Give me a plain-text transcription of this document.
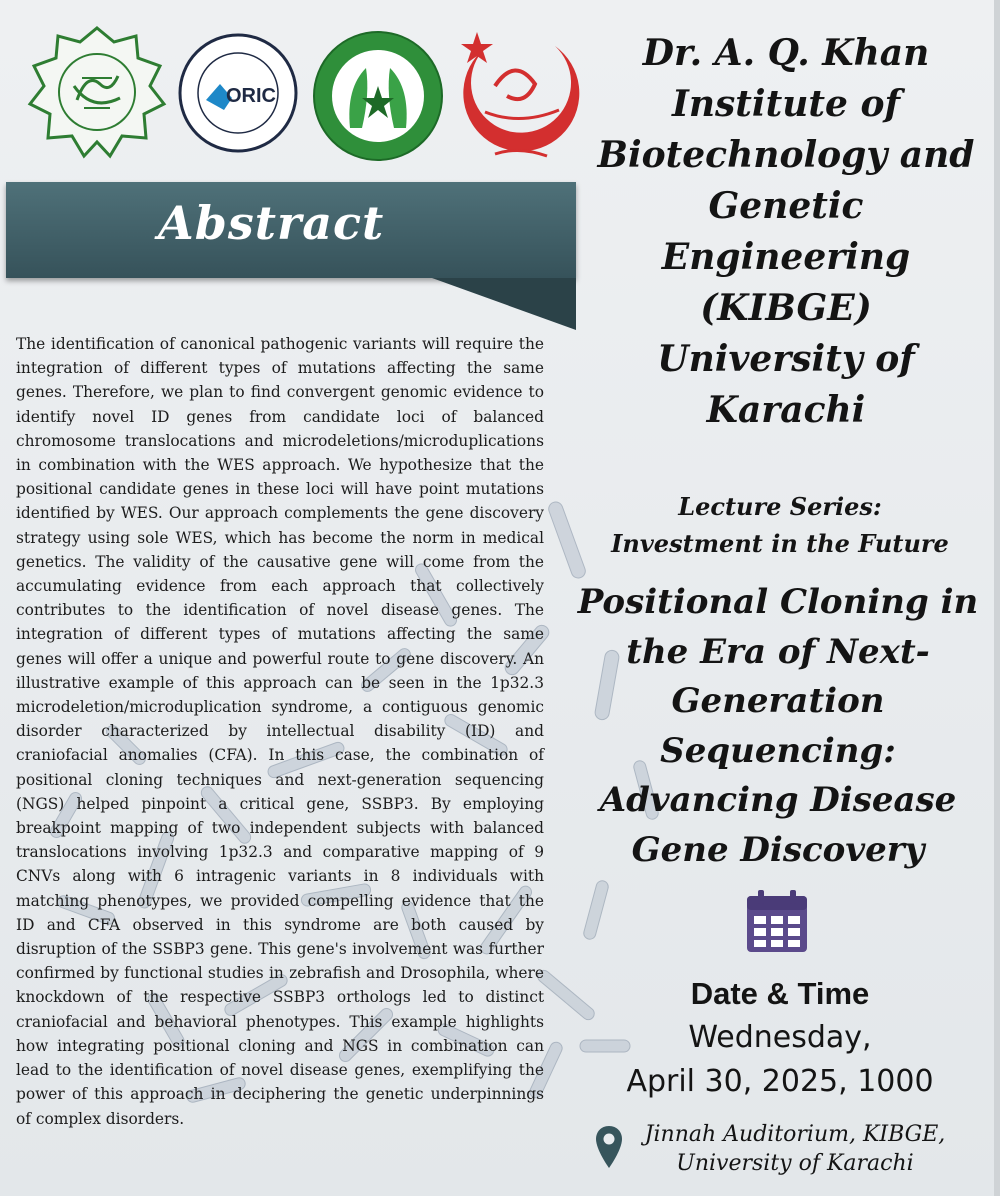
ORIC
Abstract
The identification of canonical pathogenic variants will require the integration of different types of mutations affecting the same genes. Therefore, we plan to find convergent genomic evidence to identify novel ID genes from candidate loci of balanced chromosome translocations and microdeletions/microduplications in combination with the WES approach. We hypothesize that the positional candidate genes in these loci will have point mutations identified by WES. Our approach complements the gene discovery strategy using sole WES, which has become the norm in medical genetics. The validity of the causative gene will come from the accumulating evidence from each approach that collectively contributes to the identification of novel disease genes. The integration of different types of mutations affecting the same genes will offer a unique and powerful route to gene discovery. An illustrative example of this approach can be seen in the 1p32.3 microdeletion/microduplication syndrome, a contiguous genomic disorder characterized by intellectual disability (ID) and craniofacial anomalies (CFA). In this case, the combination of positional cloning techniques and next-generation sequencing (NGS) helped pinpoint a critical gene, SSBP3. By employing breakpoint mapping of two independent subjects with balanced translocations involving 1p32.3 and comparative mapping of 9 CNVs along with 6 intragenic variants in 8 individuals with matching phenotypes, we provided compelling evidence that the ID and CFA observed in this syndrome are both caused by disruption of the SSBP3 gene. This gene's involvement was further confirmed by functional studies in zebrafish and Drosophila, where knockdown of the respective SSBP3 orthologs led to distinct craniofacial and behavioral phenotypes. This example highlights how integrating positional cloning and NGS in combination can lead to the identification of novel disease genes, exemplifying the power of this approach in deciphering the genetic underpinnings of complex disorders.
Dr. A. Q. Khan
Institute of
Biotechnology and
Genetic
Engineering
(KIBGE)
University of
Karachi
Lecture Series:
Investment in the Future
Positional Cloning in the Era of Next-Generation Sequencing: Advancing Disease Gene Discovery
Date & Time
Wednesday,
April 30, 2025, 1000
Jinnah Auditorium, KIBGE,
University of Karachi
